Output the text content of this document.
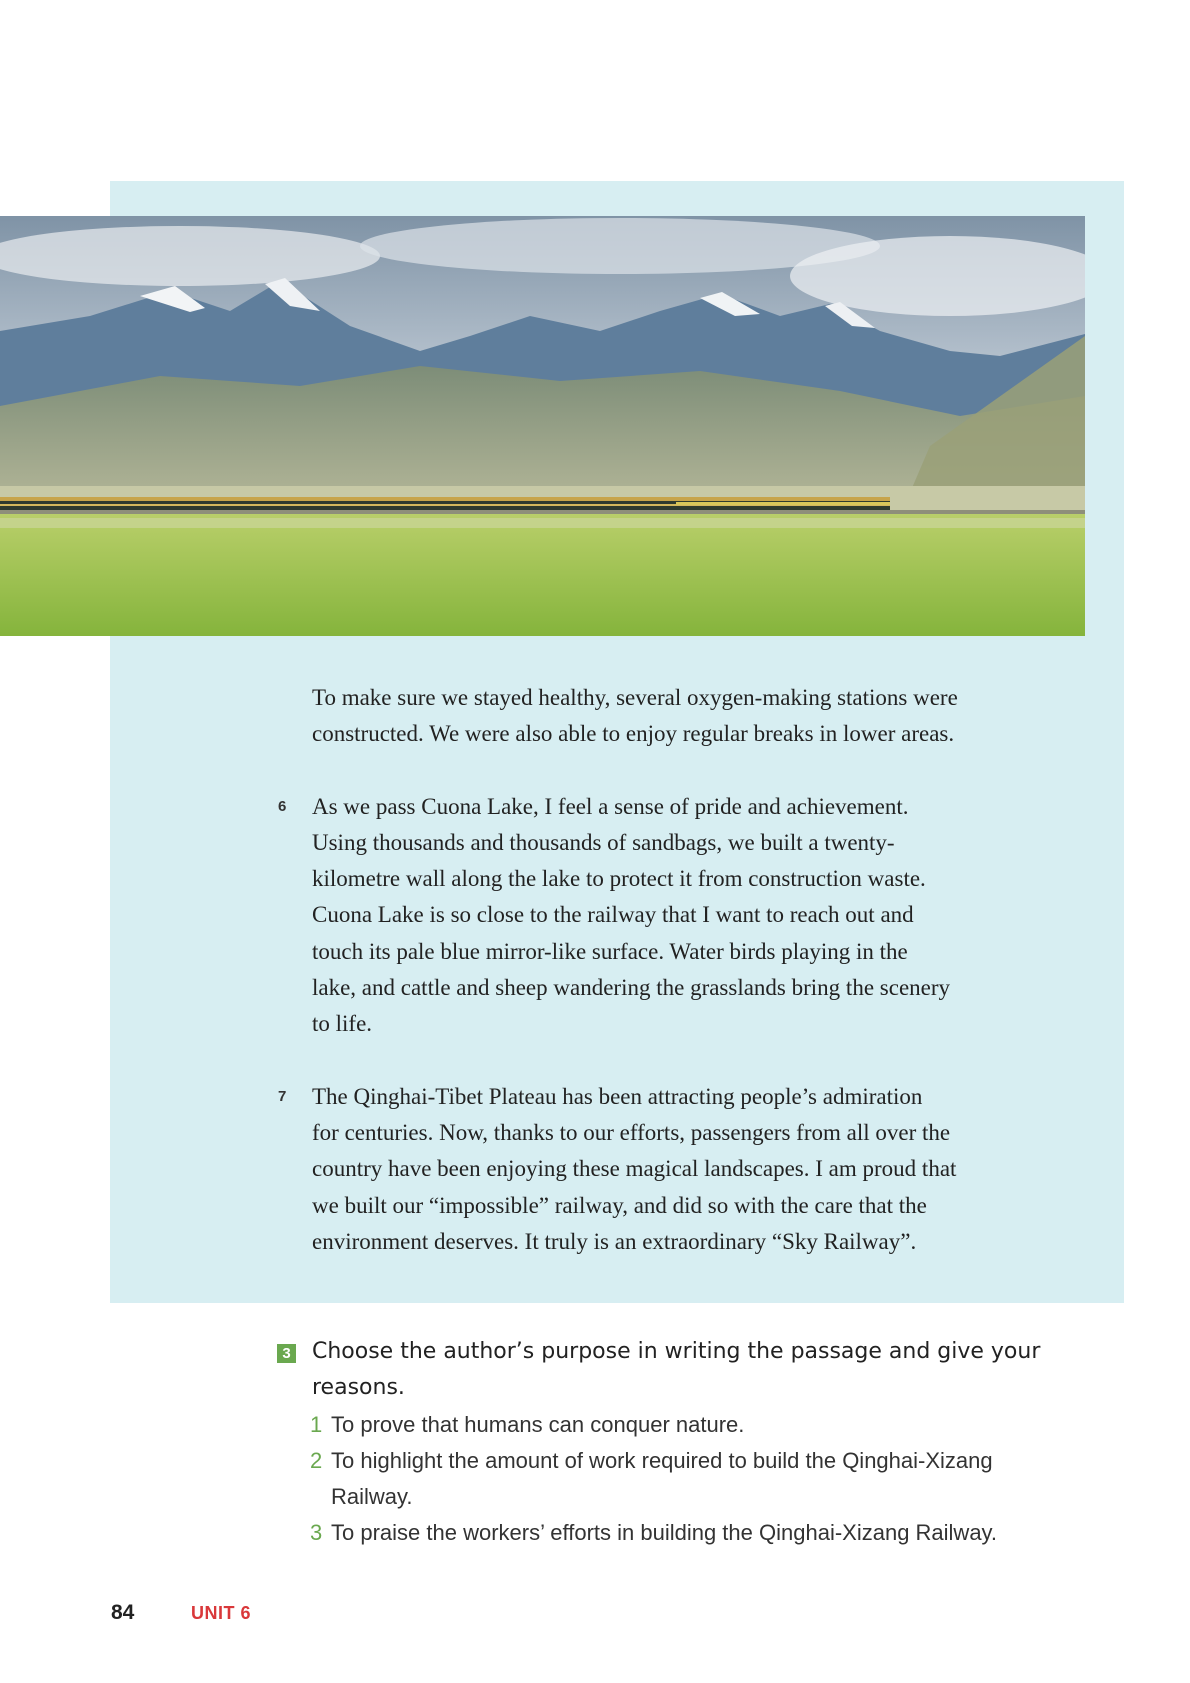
To make sure we stayed healthy, several oxygen-making stations were
constructed. We were also able to enjoy regular breaks in lower areas.

6 As we pass Cuona Lake, I feel a sense of pride and achievement.
Using thousands and thousands of sandbags, we built a twenty-
kilometre wall along the lake to protect it from construction waste.
Cuona Lake is so close to the railway that I want to reach out and
touch its pale blue mirror-like surface. Water birds playing in the
lake, and cattle and sheep wandering the grasslands bring the scenery
to life.

7 The Qinghai-Tibet Plateau has been attracting people’s admiration
for centuries. Now, thanks to our efforts, passengers from all over the
country have been enjoying these magical landscapes. I am proud that
we built our “impossible” railway, and did so with the care that the
environment deserves. It truly is an extraordinary “Sky Railway”.

3 Choose the author’s purpose in writing the passage and give your reasons.
1 To prove that humans can conquer nature.
2 To highlight the amount of work required to build the Qinghai-Xizang Railway.
3 To praise the workers’ efforts in building the Qinghai-Xizang Railway.
84	UNIT 6
